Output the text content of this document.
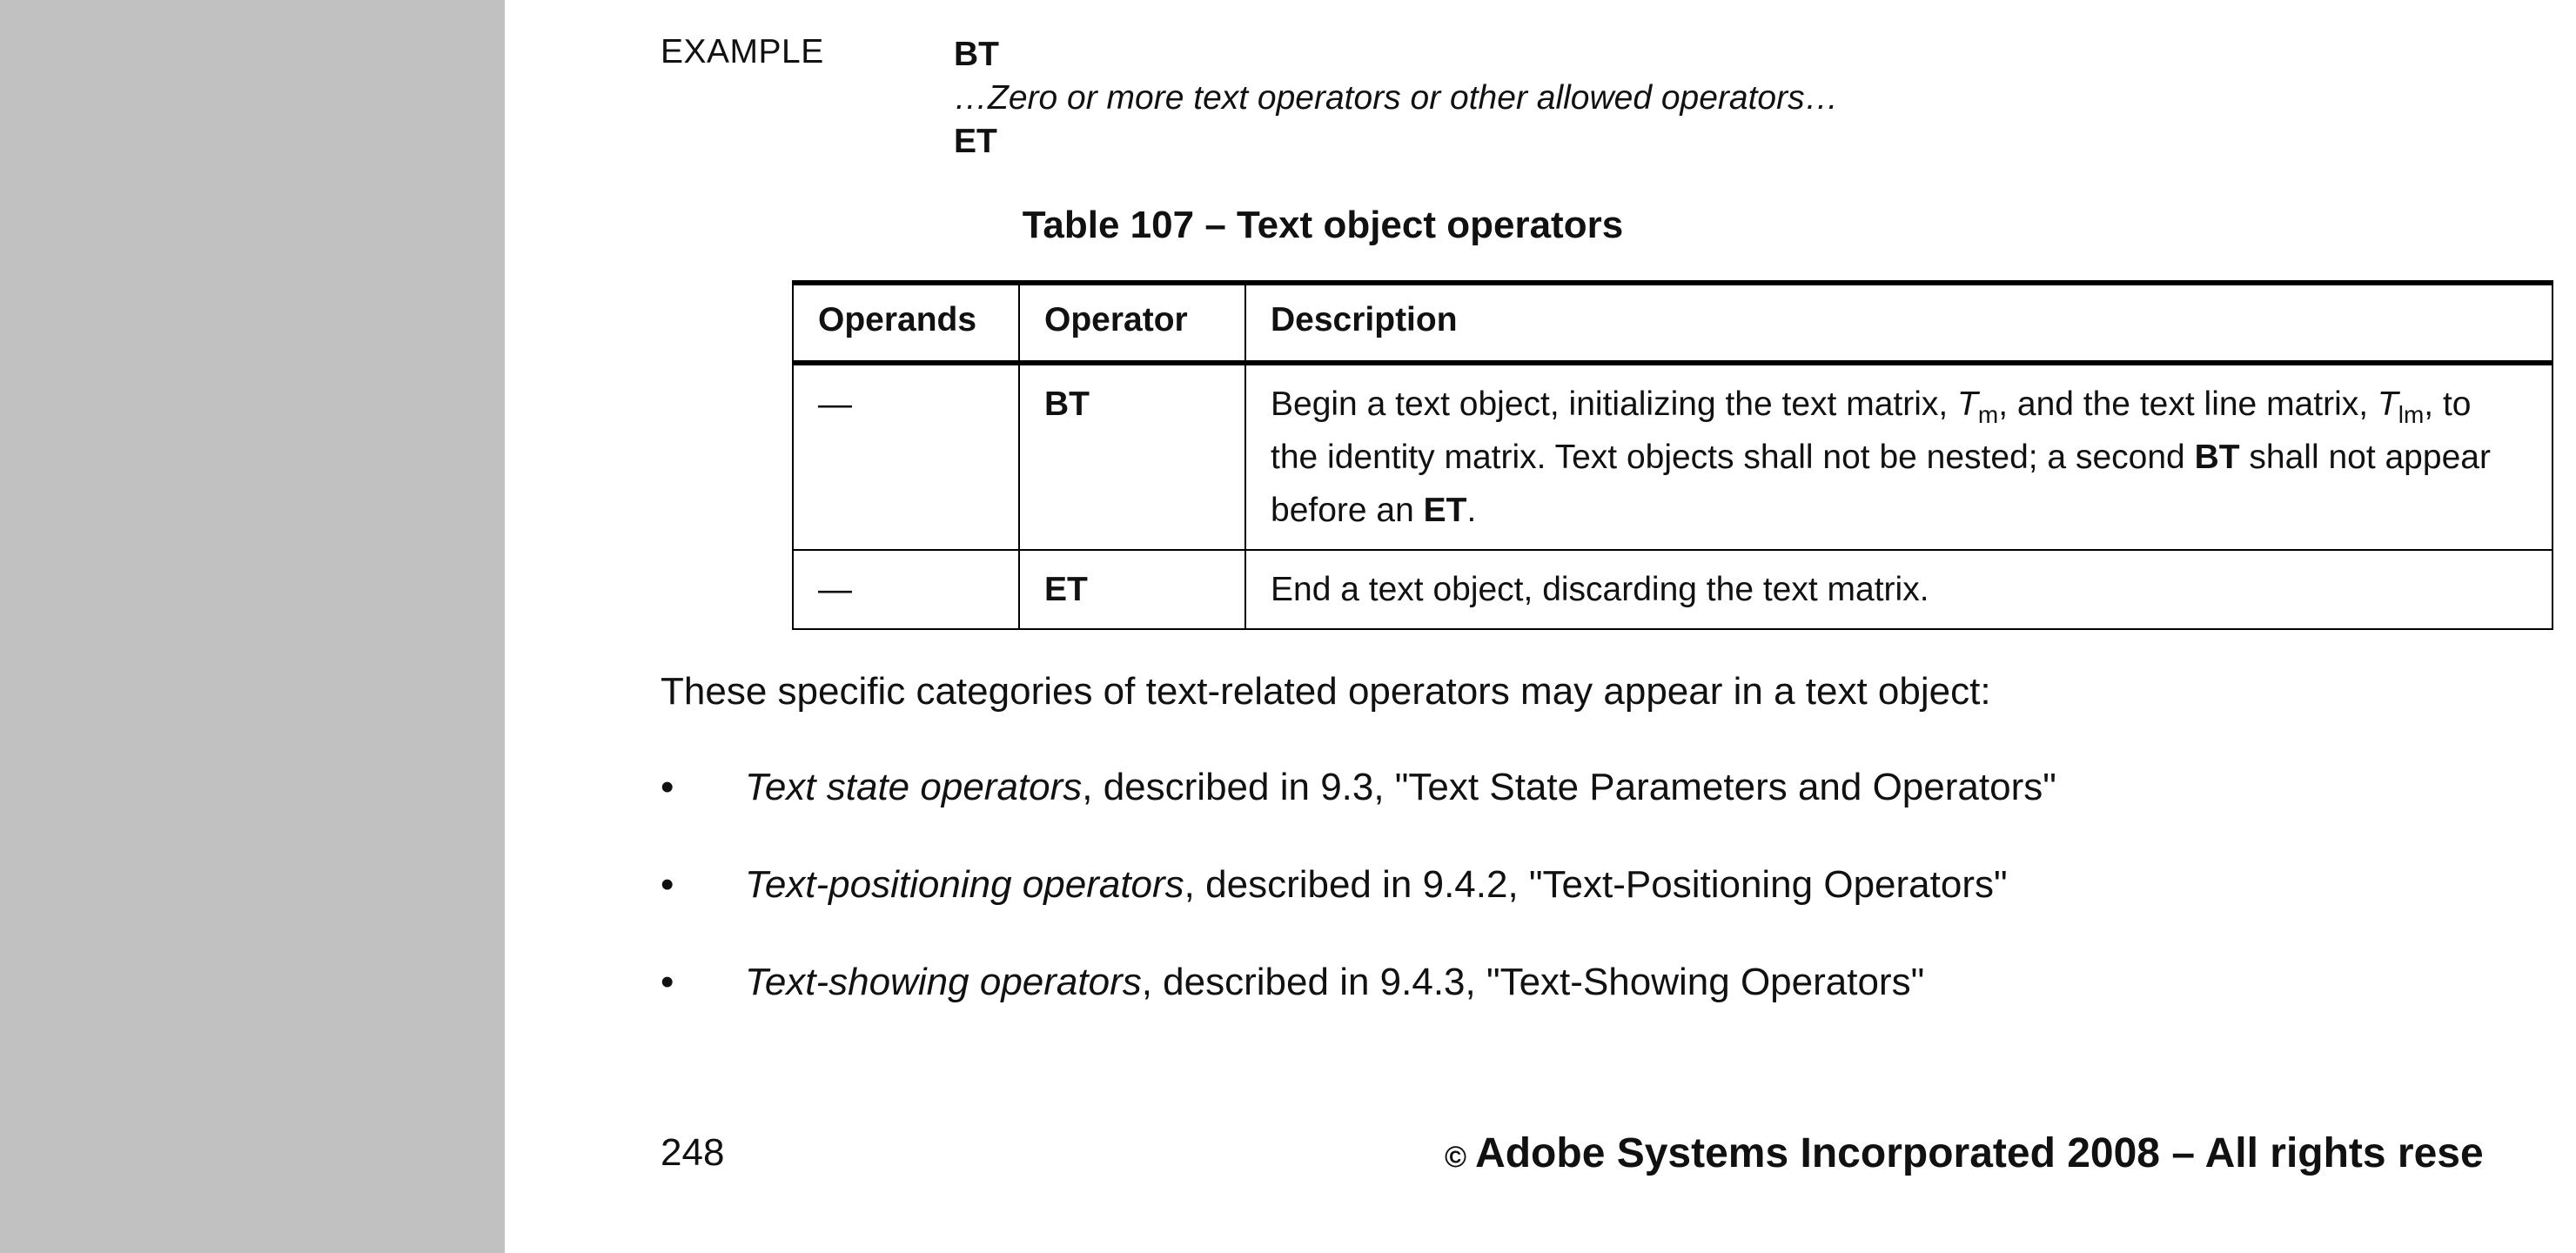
EXAMPLE	BT
…Zero or more text operators or other allowed operators…
ET
Table 107 – Text object operators
Operands	Operator	Description
—	BT	Begin a text object, initializing the text matrix, $T_m$, and the text line matrix, $T_{lm}$, to the identity matrix. Text objects shall not be nested; a second BT shall not appear before an ET.
—	ET	End a text object, discarding the text matrix.
These specific categories of text-related operators may appear in a text object:
• Text state operators, described in 9.3, "Text State Parameters and Operators"
• Text-positioning operators, described in 9.4.2, "Text-Positioning Operators"
• Text-showing operators, described in 9.4.3, "Text-Showing Operators"
248	© Adobe Systems Incorporated 2008 – All rights rese
